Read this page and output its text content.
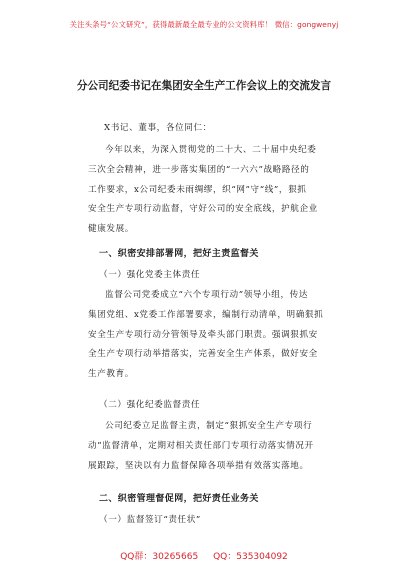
关注头条号“公文研究”，获得最新最全最专业的公文资料库！ 微信：gongwenyj
分公司纪委书记在集团安全生产工作会议上的交流发言
X书记、董事，各位同仁：
今年以来，为深入贯彻党的二十大、二十届中央纪委
三次全会精神，进一步落实集团的“一六六”战略路径的
工作要求，x公司纪委未雨绸缪，织“网”守“线”，狠抓
安全生产专项行动监督，守好公司的安全底线，护航企业
健康发展。
一、织密安排部署网，把好主责监督关
（一）强化党委主体责任
监督公司党委成立“六个专项行动”领导小组，传达
集团党组、x党委工作部署要求，编制行动清单，明确狠抓
安全生产专项行动分管领导及牵头部门职责。强调狠抓安
全生产专项行动举措落实，完善安全生产体系，做好安全
生产教育。
（二）强化纪委监督责任
公司纪委立足监督主责，制定“狠抓安全生产专项行
动”监督清单，定期对相关责任部门专项行动落实情况开
展跟踪，坚决以有力监督保障各项举措有效落实落地。
二、织密管理督促网，把好责任业务关
（一）监督签订“责任状”
QQ群：30265665 QQ：535304092
